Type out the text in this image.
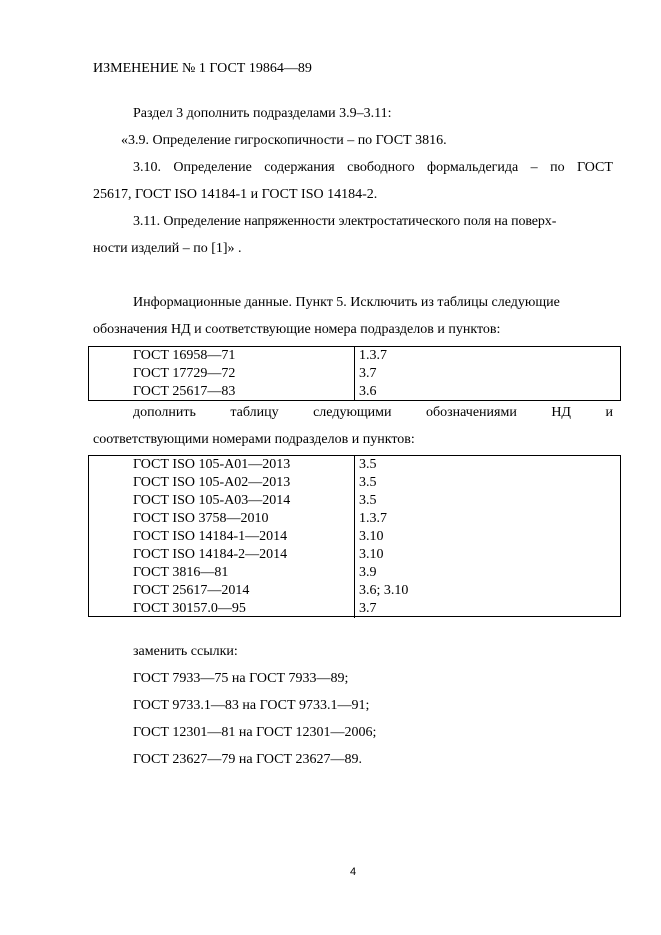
ИЗМЕНЕНИЕ № 1 ГОСТ 19864—89
Раздел 3 дополнить подразделами 3.9–3.11:
«3.9. Определение гигроскопичности – по ГОСТ 3816.
3.10. Определение содержания свободного формальдегида – по ГОСТ
25617, ГОСТ ISO 14184-1 и ГОСТ ISO 14184-2.
3.11. Определение напряженности электростатического поля на поверх-
ности изделий – по [1]» .
Информационные данные. Пункт 5. Исключить из таблицы следующие
обозначения НД и соответствующие номера подразделов и пунктов:
ГОСТ 16958—71	1.3.7
ГОСТ 17729—72	3.7
ГОСТ 25617—83	3.6
дополнить таблицу следующими обозначениями НД и
соответствующими номерами подразделов и пунктов:
ГОСТ ISO 105-A01—2013	3.5
ГОСТ ISO 105-A02—2013	3.5
ГОСТ ISO 105-A03—2014	3.5
ГОСТ ISO 3758—2010	1.3.7
ГОСТ ISO 14184-1—2014	3.10
ГОСТ ISO 14184-2—2014	3.10
ГОСТ 3816—81	3.9
ГОСТ 25617—2014	3.6; 3.10
ГОСТ 30157.0—95	3.7
заменить ссылки:
ГОСТ 7933—75 на ГОСТ 7933—89;
ГОСТ 9733.1—83 на ГОСТ 9733.1—91;
ГОСТ 12301—81 на ГОСТ 12301—2006;
ГОСТ 23627—79 на ГОСТ 23627—89.
4
